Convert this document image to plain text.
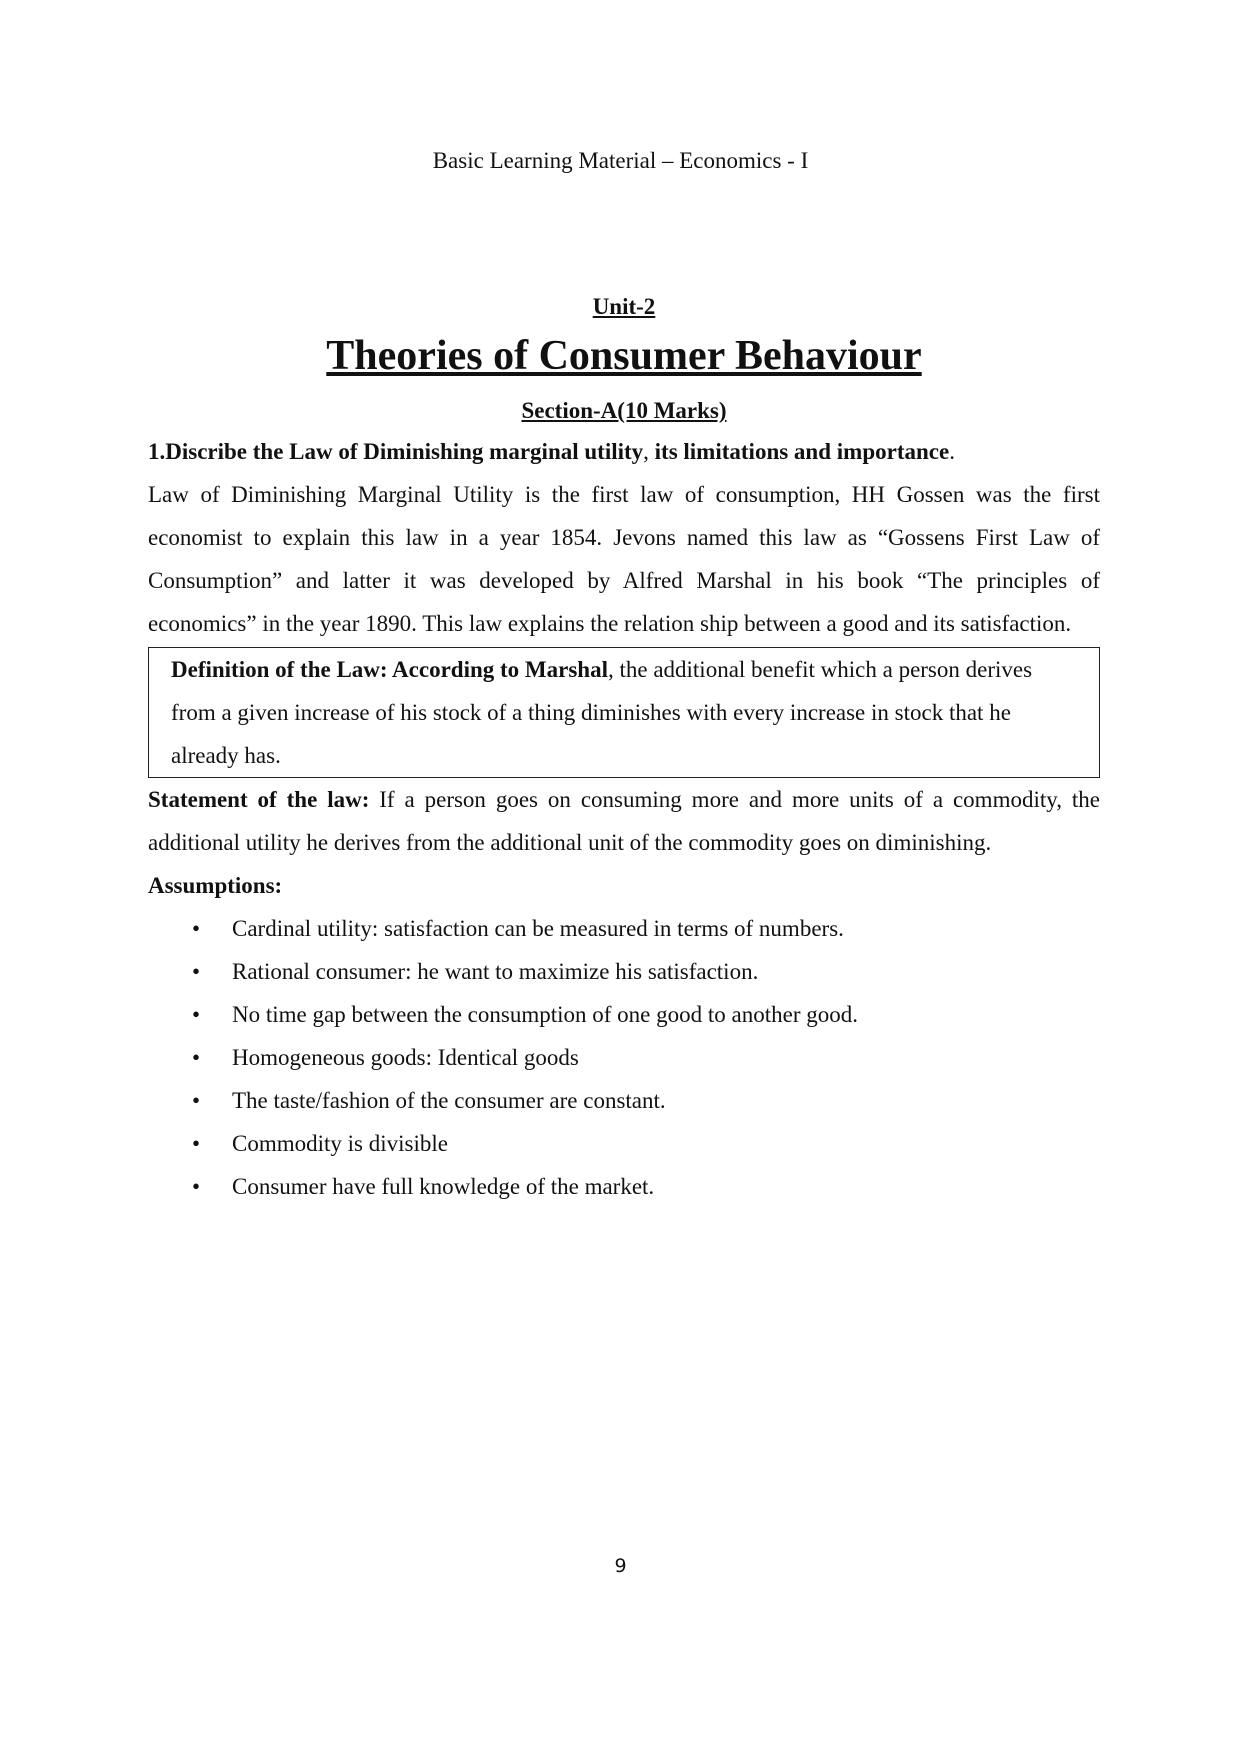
Basic Learning Material – Economics - I

Unit-2

Theories of Consumer Behaviour

Section-A(10 Marks)

1.Discribe the Law of Diminishing marginal utility, its limitations and importance.

Law of Diminishing Marginal Utility is the first law of consumption, HH Gossen was the first economist to explain this law in a year 1854. Jevons named this law as “Gossens First Law of Consumption” and latter it was developed by Alfred Marshal in his book “The principles of economics” in the year 1890. This law explains the relation ship between a good and its satisfaction.

Definition of the Law: According to Marshal, the additional benefit which a person derives from a given increase of his stock of a thing diminishes with every increase in stock that he already has.

Statement of the law: If a person goes on consuming more and more units of a commodity, the additional utility he derives from the additional unit of the commodity goes on diminishing.

Assumptions:

• Cardinal utility: satisfaction can be measured in terms of numbers.
• Rational consumer: he want to maximize his satisfaction.
• No time gap between the consumption of one good to another good.
• Homogeneous goods: Identical goods
• The taste/fashion of the consumer are constant.
• Commodity is divisible
• Consumer have full knowledge of the market.
9
